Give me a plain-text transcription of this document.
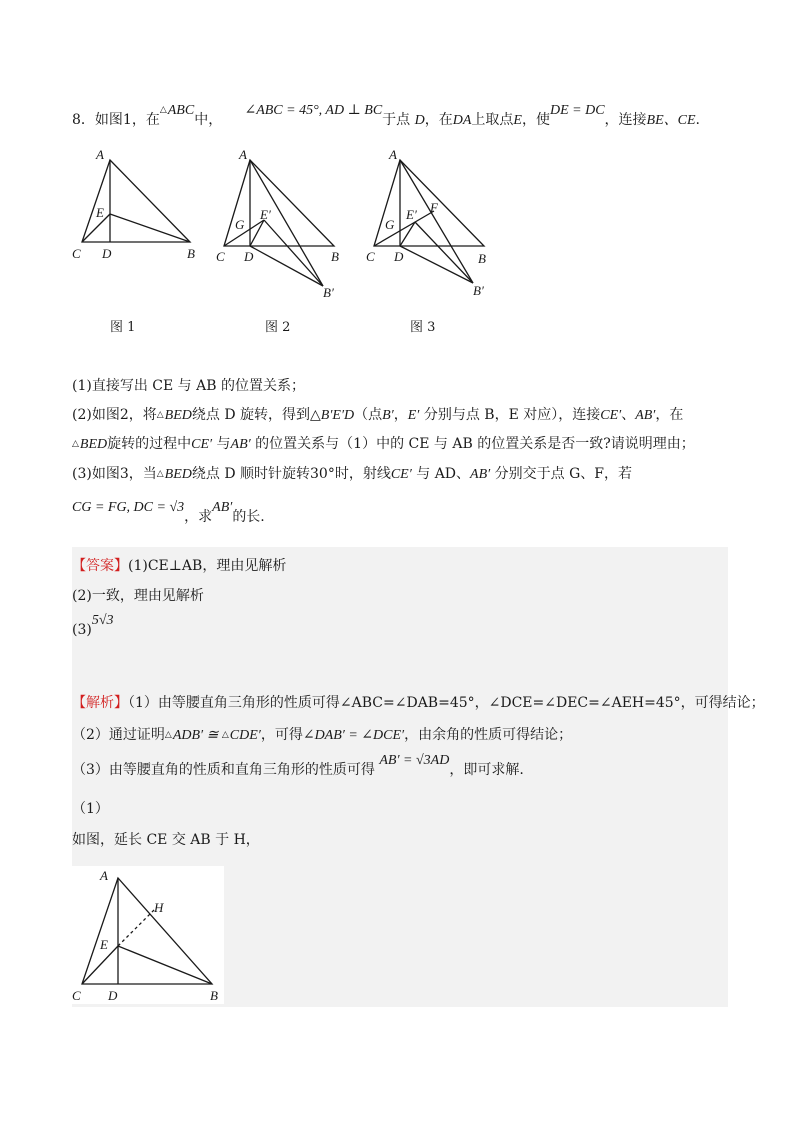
8．如图1，在△ABC中，     ∠ABC = 45°, AD ⊥ BC于点 D，在DA上取点E，使DE = DC，连接BE、CE.
A
E
C D	B
图 1
A
G
E′
C D	B
B′
图 2
A
G
E′ F
C D	B
B′
图 3
(1)直接写出 CE 与 AB 的位置关系；
(2)如图2，将△BED绕点 D 旋转，得到△B′E′D（点B′，E′ 分别与点 B，E 对应），连接CE′、AB′，在
△BED旋转的过程中CE′ 与AB′ 的位置关系与（1）中的 CE 与 AB 的位置关系是否一致?请说明理由；
(3)如图3，当△BED绕点 D 顺时针旋转30°时，射线CE′ 与 AD、AB′ 分别交于点 G、F，若
CG = FG, DC = √3，求AB′的长.
【答案】(1)CE⊥AB，理由见解析
(2)一致，理由见解析
(3)5√3
【解析】（1）由等腰直角三角形的性质可得∠ABC=∠DAB=45°，∠DCE=∠DEC=∠AEH=45°，可得结论；
（2）通过证明△ADB′ ≅ △CDE′，可得∠DAB′ = ∠DCE′，由余角的性质可得结论；
（3）由等腰直角的性质和直角三角形的性质可得 AB′ = √3AD，即可求解.
（1）
如图，延长 CE 交 AB 于 H，
A
H
E
C D	B
